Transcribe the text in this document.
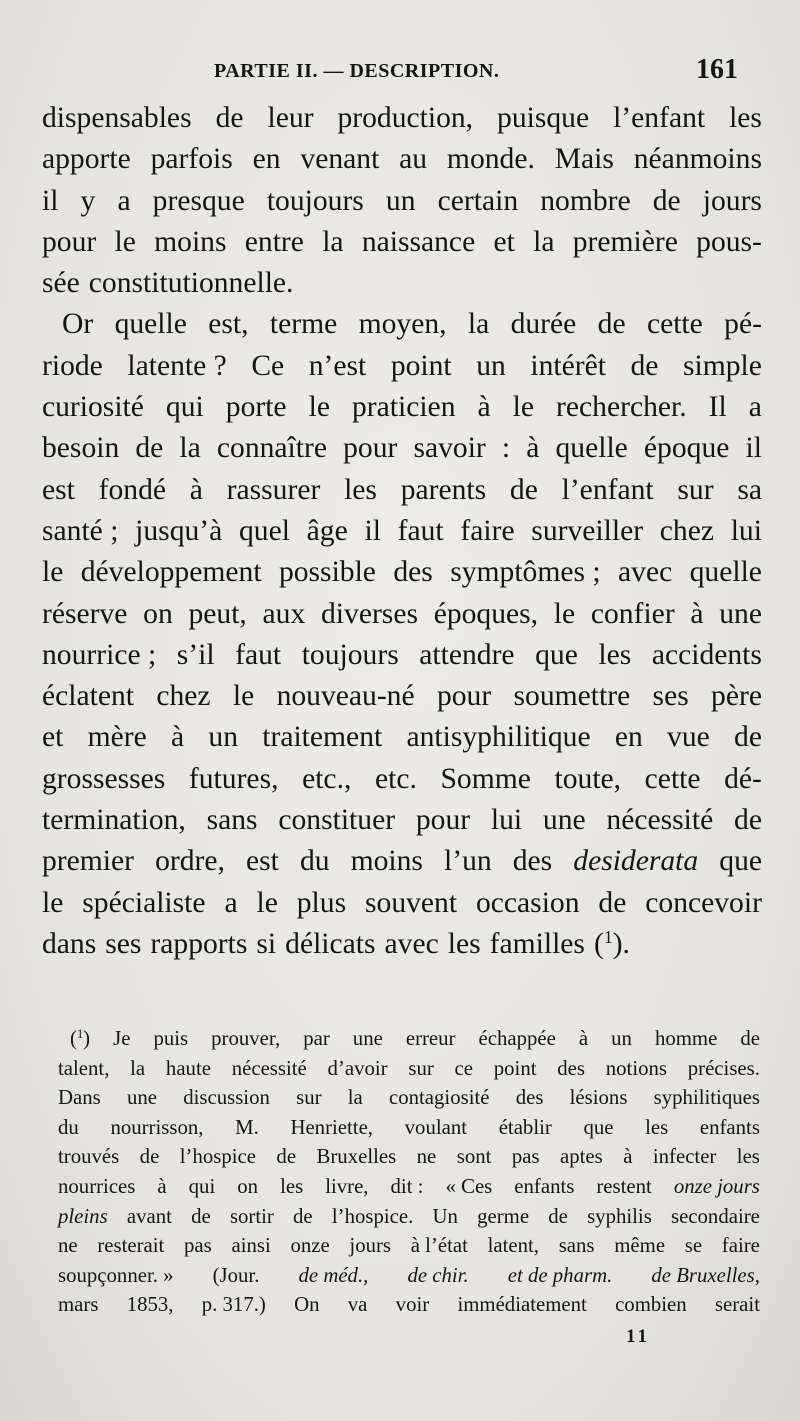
PARTIE II. — DESCRIPTION.	161
dispensables de leur production, puisque l’enfant les
apporte parfois en venant au monde. Mais néanmoins
il y a presque toujours un certain nombre de jours
pour le moins entre la naissance et la première pous-
sée constitutionnelle.
Or quelle est, terme moyen, la durée de cette pé-
riode latente ? Ce n’est point un intérêt de simple
curiosité qui porte le praticien à le rechercher. Il a
besoin de la connaître pour savoir : à quelle époque il
est fondé à rassurer les parents de l’enfant sur sa
santé ; jusqu’à quel âge il faut faire surveiller chez lui
le développement possible des symptômes ; avec quelle
réserve on peut, aux diverses époques, le confier à une
nourrice ; s’il faut toujours attendre que les accidents
éclatent chez le nouveau-né pour soumettre ses père
et mère à un traitement antisyphilitique en vue de
grossesses futures, etc., etc. Somme toute, cette dé-
termination, sans constituer pour lui une nécessité de
premier ordre, est du moins l’un des desiderata que
le spécialiste a le plus souvent occasion de concevoir
dans ses rapports si délicats avec les familles ($^1$).
($^1$) Je puis prouver, par une erreur échappée à un homme de
talent, la haute nécessité d’avoir sur ce point des notions précises.
Dans une discussion sur la contagiosité des lésions syphilitiques
du nourrisson, M. Henriette, voulant établir que les enfants
trouvés de l’hospice de Bruxelles ne sont pas aptes à infecter les
nourrices à qui on les livre, dit : « Ces enfants restent onze jours
pleins avant de sortir de l’hospice. Un germe de syphilis secondaire
ne resterait pas ainsi onze jours à l’état latent, sans même se faire
soupçonner. » (Jour. de méd., de chir. et de pharm. de Bruxelles,
mars 1853, p. 317.) On va voir immédiatement combien serait
11
